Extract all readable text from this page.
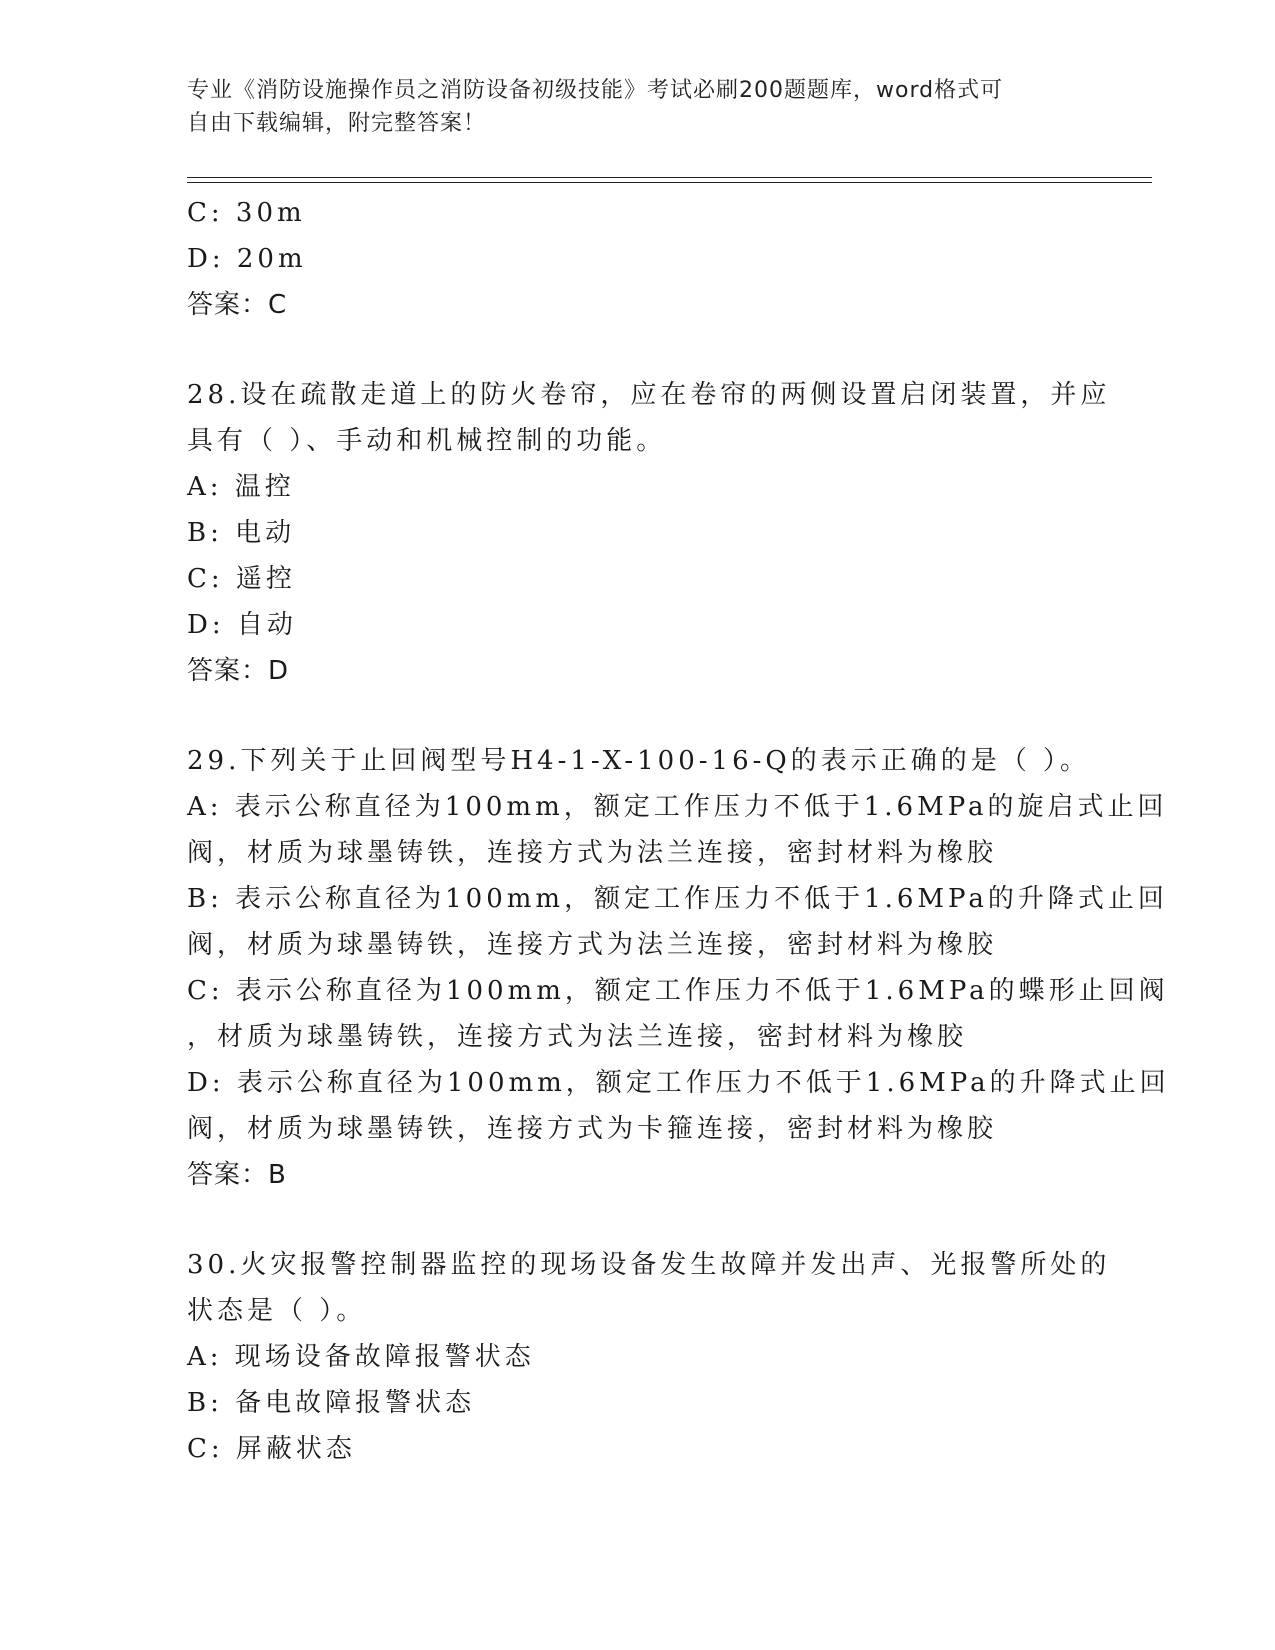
专业《消防设施操作员之消防设备初级技能》考试必刷200题题库，word格式可
自由下载编辑，附完整答案！
C: 30m
D: 20m
答案：C
28.设在疏散走道上的防火卷帘，应在卷帘的两侧设置启闭装置，并应
具有（ ）、手动和机械控制的功能。
A: 温控
B: 电动
C: 遥控
D: 自动
答案：D
29.下列关于止回阀型号H4-1-X-100-16-Q的表示正确的是（ ）。
A: 表示公称直径为100mm，额定工作压力不低于1.6MPa的旋启式止回
阀，材质为球墨铸铁，连接方式为法兰连接，密封材料为橡胶
B: 表示公称直径为100mm，额定工作压力不低于1.6MPa的升降式止回
阀，材质为球墨铸铁，连接方式为法兰连接，密封材料为橡胶
C: 表示公称直径为100mm，额定工作压力不低于1.6MPa的蝶形止回阀
，材质为球墨铸铁，连接方式为法兰连接，密封材料为橡胶
D: 表示公称直径为100mm，额定工作压力不低于1.6MPa的升降式止回
阀，材质为球墨铸铁，连接方式为卡箍连接，密封材料为橡胶
答案：B
30.火灾报警控制器监控的现场设备发生故障并发出声、光报警所处的
状态是（ ）。
A: 现场设备故障报警状态
B: 备电故障报警状态
C: 屏蔽状态
